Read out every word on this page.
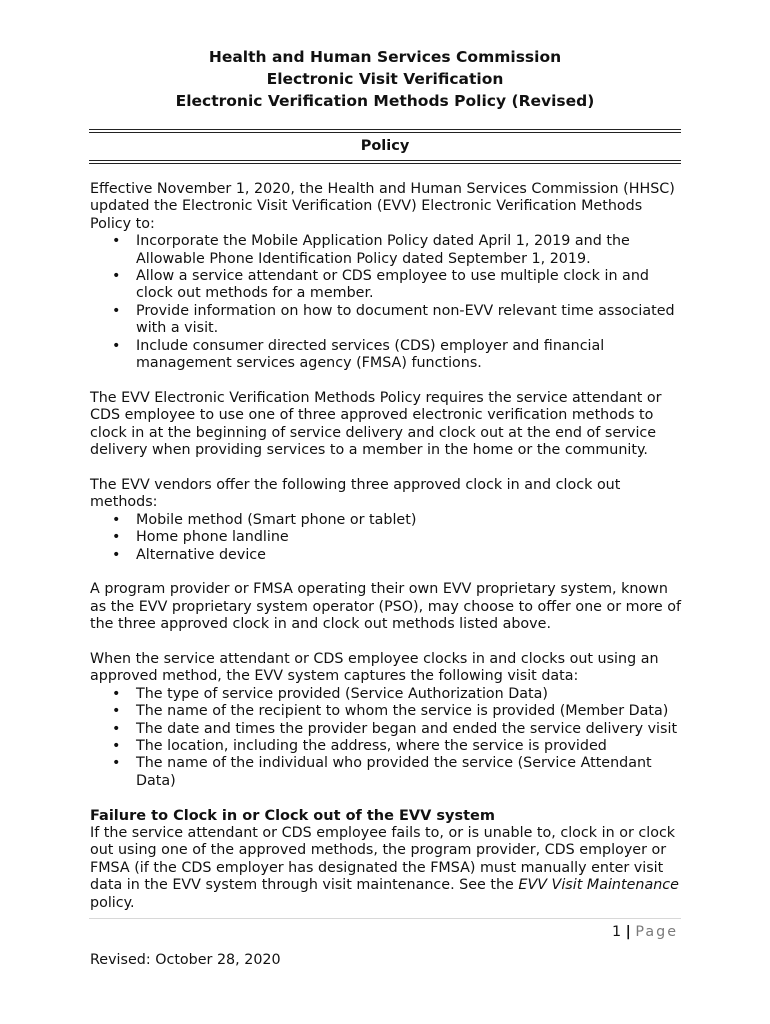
Health and Human Services Commission
Electronic Visit Verification
Electronic Verification Methods Policy (Revised)
Policy

Effective November 1, 2020, the Health and Human Services Commission (HHSC) updated the Electronic Visit Verification (EVV) Electronic Verification Methods Policy to:

• Incorporate the Mobile Application Policy dated April 1, 2019 and the Allowable Phone Identification Policy dated September 1, 2019.
• Allow a service attendant or CDS employee to use multiple clock in and clock out methods for a member.
• Provide information on how to document non-EVV relevant time associated with a visit.
• Include consumer directed services (CDS) employer and financial management services agency (FMSA) functions.

The EVV Electronic Verification Methods Policy requires the service attendant or CDS employee to use one of three approved electronic verification methods to clock in at the beginning of service delivery and clock out at the end of service delivery when providing services to a member in the home or the community.

The EVV vendors offer the following three approved clock in and clock out methods:

• Mobile method (Smart phone or tablet)
• Home phone landline
• Alternative device

A program provider or FMSA operating their own EVV proprietary system, known as the EVV proprietary system operator (PSO), may choose to offer one or more of the three approved clock in and clock out methods listed above.

When the service attendant or CDS employee clocks in and clocks out using an approved method, the EVV system captures the following visit data:

• The type of service provided (Service Authorization Data)
• The name of the recipient to whom the service is provided (Member Data)
• The date and times the provider began and ended the service delivery visit
• The location, including the address, where the service is provided
• The name of the individual who provided the service (Service Attendant Data)
Failure to Clock in or Clock out of the EVV system

If the service attendant or CDS employee fails to, or is unable to, clock in or clock out using one of the approved methods, the program provider, CDS employer or FMSA (if the CDS employer has designated the FMSA) must manually enter visit data in the EVV system through visit maintenance. See the EVV Visit Maintenance policy.

1 | Page
Revised: October 28, 2020
